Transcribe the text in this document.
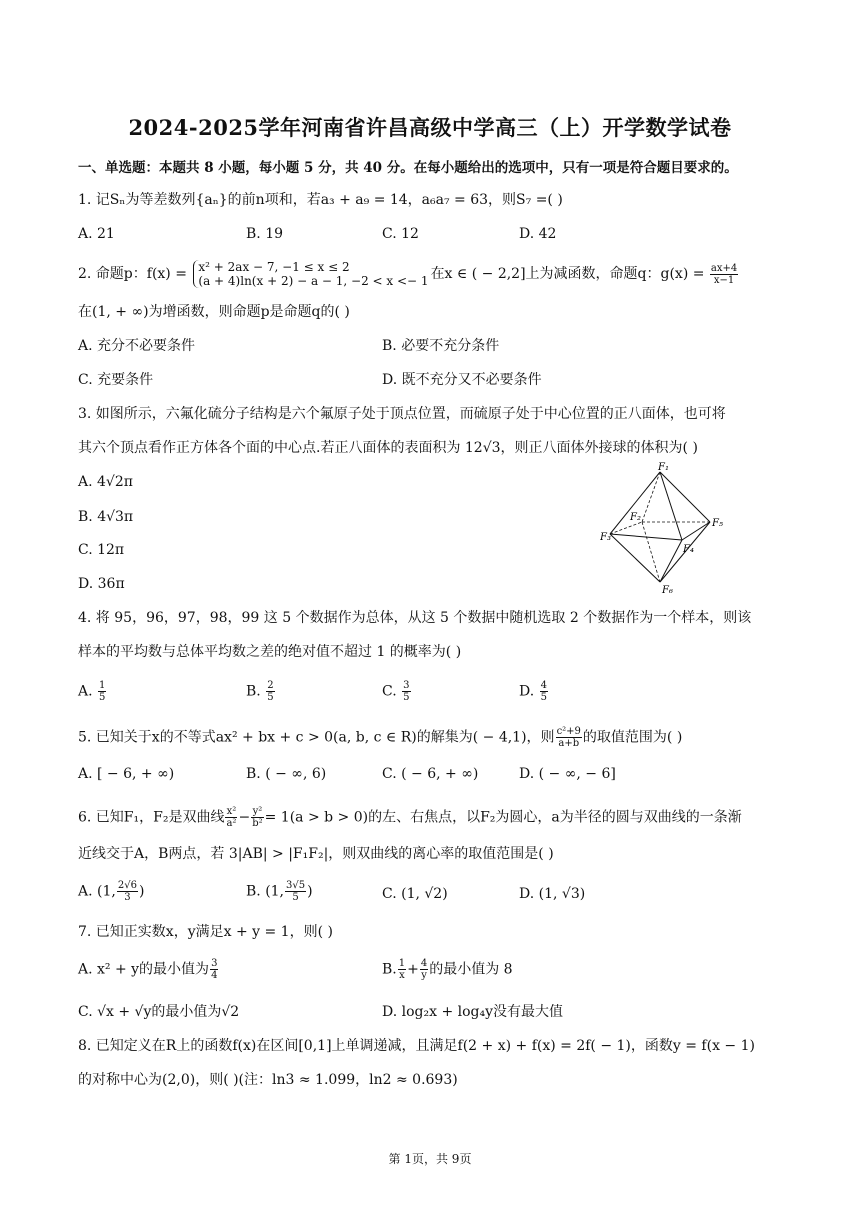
2024-2025学年河南省许昌高级中学高三（上）开学数学试卷
一、单选题：本题共 8 小题，每小题 5 分，共 40 分。在每小题给出的选项中，只有一项是符合题目要求的。
1. 记Sₙ为等差数列{aₙ}的前n项和，若a₃ + a₉ = 14，a₆a₇ = 63，则S₇ =( )
A. 21	B. 19	C. 12	D. 42
2. 命题p：f(x) = x² + 2ax − 7, −1 ≤ x ≤ 2
(a + 4)ln(x + 2) − a − 1, −2 < x <− 1 在x ∈ ( − 2,2]上为减函数，命题q：$g(x) = \frac{ax+4}{x-1}$
在(1, + ∞)为增函数，则命题p是命题q的( )
A. 充分不必要条件	B. 必要不充分条件
C. 充要条件	D. 既不充分又不必要条件
3. 如图所示，六氟化硫分子结构是六个氟原子处于顶点位置，而硫原子处于中心位置的正八面体，也可将
其六个顶点看作正方体各个面的中心点.若正八面体的表面积为 12√3，则正八面体外接球的体积为( )
A. 4√2π
B. 4√3π
C. 12π
D. 36π
F₁
F₂
F₃
F₄
F₅
F₆
4. 将 95，96，97，98，99 这 5 个数据作为总体，从这 5 个数据中随机选取 2 个数据作为一个样本，则该
样本的平均数与总体平均数之差的绝对值不超过 1 的概率为( )
A. $\frac{1}{5}$	B. $\frac{2}{5}$	C. $\frac{3}{5}$	D. $\frac{4}{5}$
5. 已知关于x的不等式ax² + bx + c > 0(a, b, c ∈ R)的解集为( − 4,1)，则 $\frac{\text{c²+9}}{a+b}$ 的取值范围为( )
A. [ − 6, + ∞)	B. ( − ∞, 6)	C. ( − 6, + ∞)	D. ( − ∞, − 6]
6. 已知F₁，F₂是双曲线 $\frac{\text{x²}}{\text{a²}} - \frac{\text{y²}}{\text{b²}} = 1(a > b > 0)$的左、右焦点，以F₂为圆心，a为半径的圆与双曲线的一条渐
近线交于A，B两点，若 3|AB| > |F₁F₂|，则双曲线的离心率的取值范围是( )
A. (1, $\frac{2√6}{3}$ )	B. (1, $\frac{3√5}{5}$ )	C. (1, √2)	D. (1, √3)
7. 已知正实数x，y满足x + y = 1，则( )
A. x² + y的最小值为 $\frac{3}{4}$	B. $\frac{1}{x} + \frac{4}{y}$ 的最小值为 8
C. √x + √y的最小值为√2	D. log₂x + log₄y没有最大值
8. 已知定义在R上的函数f(x)在区间[0,1]上单调递减，且满足f(2 + x) + f(x) = 2f( − 1)，函数y = f(x − 1)
的对称中心为(2,0)，则( )(注：ln3 ≈ 1.099，ln2 ≈ 0.693)
第 1页，共 9页
